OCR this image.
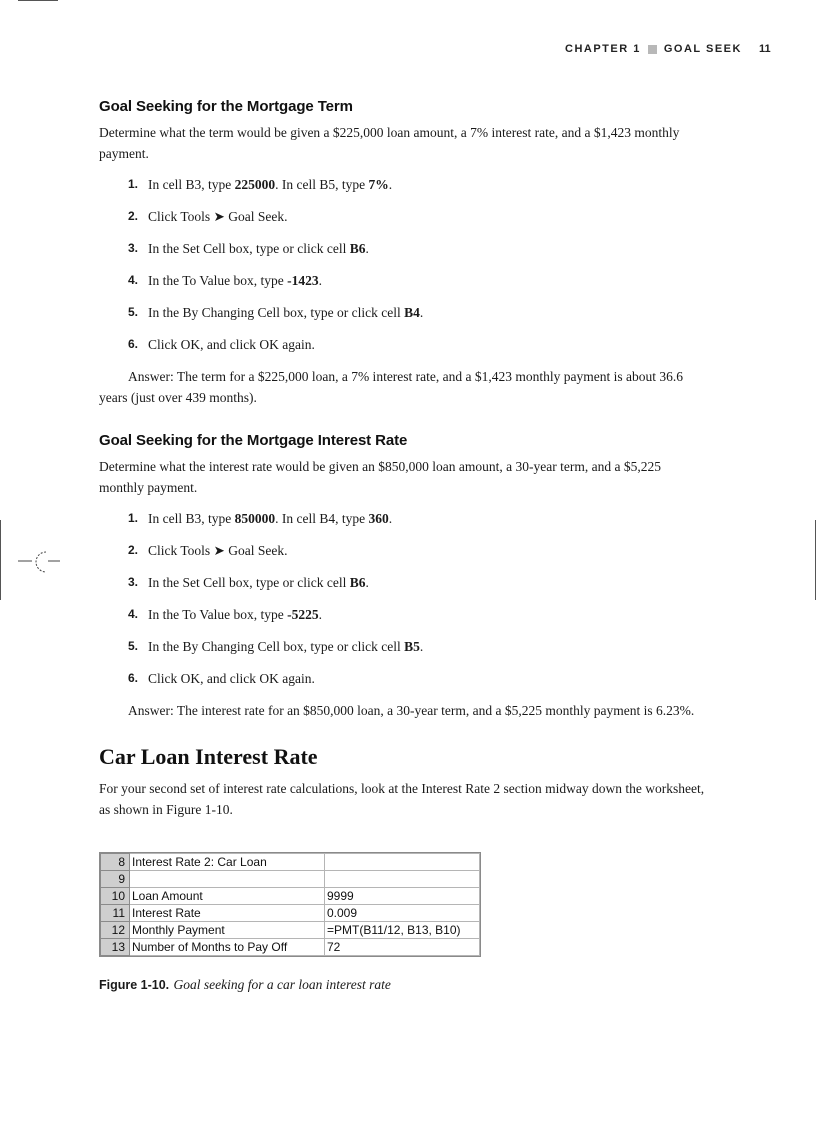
CHAPTER 1 GOAL SEEK 11
Goal Seeking for the Mortgage Term

Determine what the term would be given a $225,000 loan amount, a 7% interest rate, and a $1,423 monthly payment.

1. In cell B3, type 225000. In cell B5, type 7%.
2. Click Tools ➤ Goal Seek.
3. In the Set Cell box, type or click cell B6.
4. In the To Value box, type -1423.
5. In the By Changing Cell box, type or click cell B4.
6. Click OK, and click OK again.

Answer: The term for a $225,000 loan, a 7% interest rate, and a $1,423 monthly payment is about 36.6 years (just over 439 months).

Goal Seeking for the Mortgage Interest Rate

Determine what the interest rate would be given an $850,000 loan amount, a 30-year term, and a $5,225 monthly payment.

1. In cell B3, type 850000. In cell B4, type 360.
2. Click Tools ➤ Goal Seek.
3. In the Set Cell box, type or click cell B6.
4. In the To Value box, type -5225.
5. In the By Changing Cell box, type or click cell B5.
6. Click OK, and click OK again.

Answer: The interest rate for an $850,000 loan, a 30-year term, and a $5,225 monthly payment is 6.23%.

Car Loan Interest Rate

For your second set of interest rate calculations, look at the Interest Rate 2 section midway down the worksheet, as shown in Figure 1-10.

8	Interest Rate 2: Car Loan	
9		
10	Loan Amount	9999
11	Interest Rate	0.009
12	Monthly Payment	=PMT(B11/12, B13, B10)
13	Number of Months to Pay Off	72
Figure 1-10. Goal seeking for a car loan interest rate
